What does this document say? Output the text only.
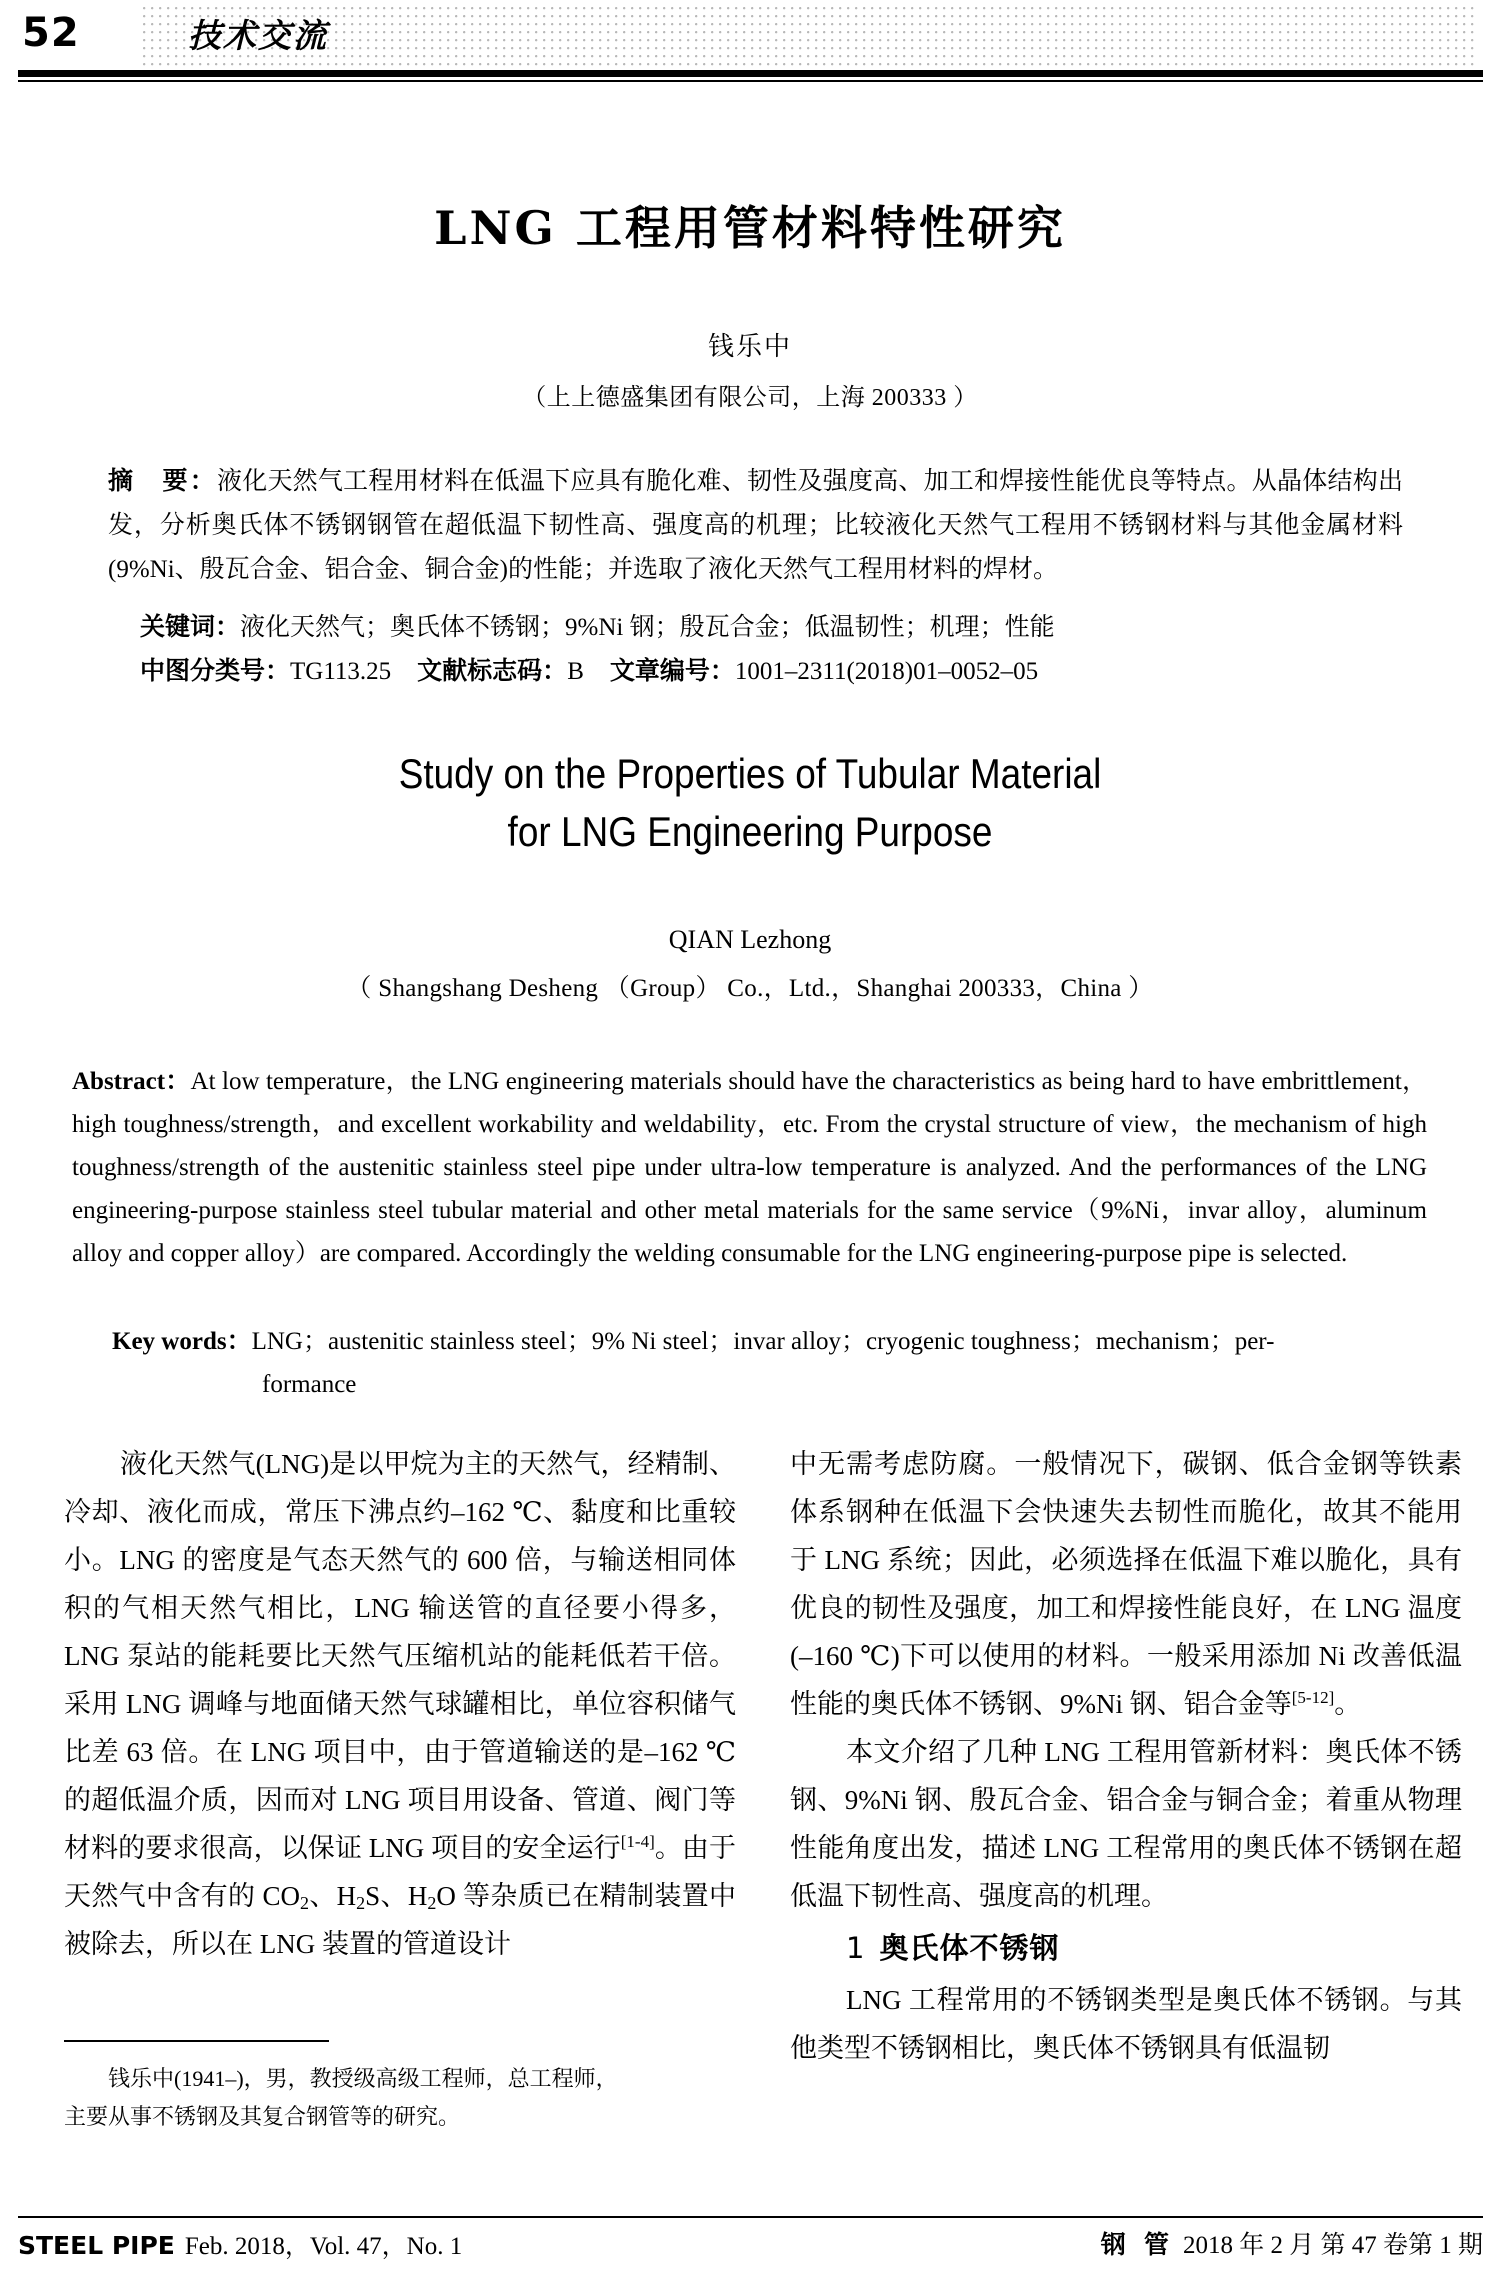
52	技术交流
LNG 工程用管材料特性研究
钱乐中
（上上德盛集团有限公司，上海 200333 ）
摘　要：液化天然气工程用材料在低温下应具有脆化难、韧性及强度高、加工和焊接性能优良等特点。从晶体结构出发，分析奥氏体不锈钢钢管在超低温下韧性高、强度高的机理；比较液化天然气工程用不锈钢材料与其他金属材料(9%Ni、殷瓦合金、铝合金、铜合金)的性能；并选取了液化天然气工程用材料的焊材。
关键词：液化天然气；奥氏体不锈钢；9%Ni 钢；殷瓦合金；低温韧性；机理；性能
中图分类号：TG113.25 文献标志码：B 文章编号：1001–2311(2018)01–0052–05
Study on the Properties of Tubular Material
for LNG Engineering Purpose
QIAN Lezhong
（ Shangshang Desheng （Group） Co.，Ltd.，Shanghai 200333，China ）
Abstract：At low temperature，the LNG engineering materials should have the characteristics as being hard to have embrittlement，high toughness/strength，and excellent workability and weldability，etc. From the crystal structure of view，the mechanism of high toughness/strength of the austenitic stainless steel pipe under ultra-low temperature is analyzed. And the performances of the LNG engineering-purpose stainless steel tubular material and other metal materials for the same service（9%Ni，invar alloy，aluminum alloy and copper alloy）are compared. Accordingly the welding consumable for the LNG engineering-purpose pipe is selected.
Key words：LNG；austenitic stainless steel；9% Ni steel；invar alloy；cryogenic toughness；mechanism；per-
formance

液化天然气(LNG)是以甲烷为主的天然气，经精制、冷却、液化而成，常压下沸点约–162 ℃、黏度和比重较小。LNG 的密度是气态天然气的 600 倍，与输送相同体积的气相天然气相比，LNG 输送管的直径要小得多，LNG 泵站的能耗要比天然气压缩机站的能耗低若干倍。采用 LNG 调峰与地面储天然气球罐相比，单位容积储气比差 63 倍。在 LNG 项目中，由于管道输送的是–162 ℃的超低温介质，因而对 LNG 项目用设备、管道、阀门等材料的要求很高，以保证 LNG 项目的安全运行[1-4]。由于天然气中含有的 $CO_2$、$H_2S$、$H_2O$ 等杂质已在精制装置中被除去，所以在 LNG 装置的管道设计

中无需考虑防腐。一般情况下，碳钢、低合金钢等铁素体系钢种在低温下会快速失去韧性而脆化，故其不能用于 LNG 系统；因此，必须选择在低温下难以脆化，具有优良的韧性及强度，加工和焊接性能良好，在 LNG 温度(–160 ℃)下可以使用的材料。一般采用添加 Ni 改善低温性能的奥氏体不锈钢、9%Ni 钢、铝合金等[5-12]。

本文介绍了几种 LNG 工程用管新材料：奥氏体不锈钢、9%Ni 钢、殷瓦合金、铝合金与铜合金；着重从物理性能角度出发，描述 LNG 工程常用的奥氏体不锈钢在超低温下韧性高、强度高的机理。

1 奥氏体不锈钢

LNG 工程常用的不锈钢类型是奥氏体不锈钢。与其他类型不锈钢相比，奥氏体不锈钢具有低温韧

钱乐中(1941–)，男，教授级高级工程师，总工程师，

主要从事不锈钢及其复合钢管等的研究。

STEEL PIPE Feb. 2018，Vol. 47，No. 1	钢 管 2018 年 2 月 第 47 卷第 1 期
